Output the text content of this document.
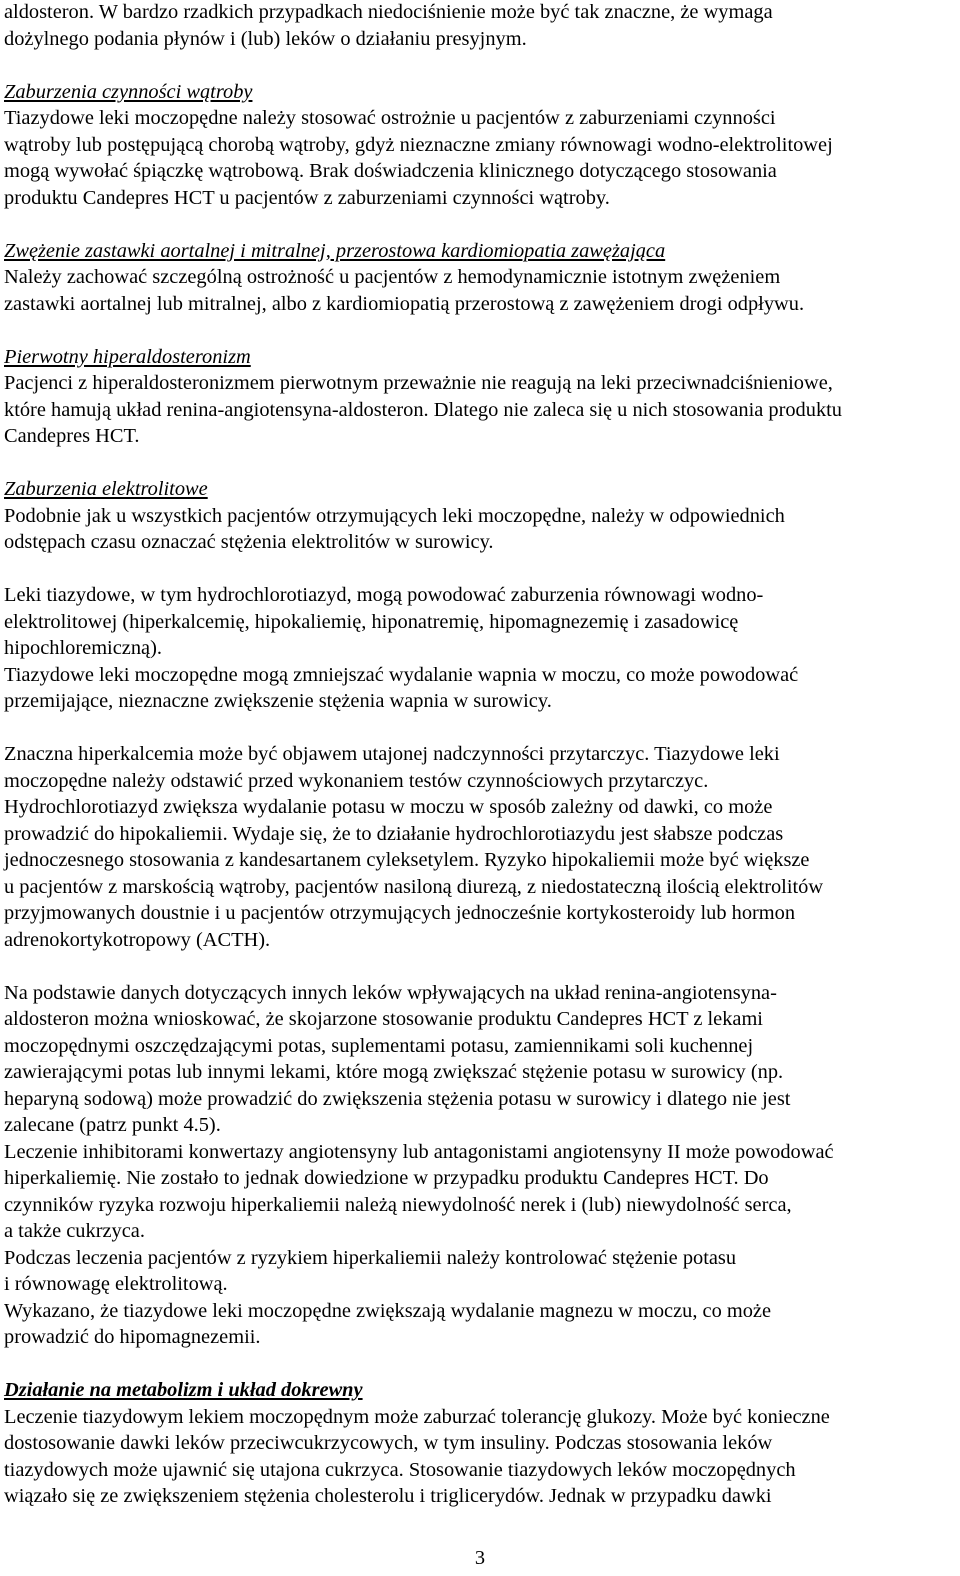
aldosteron. W bardzo rzadkich przypadkach niedociśnienie może być tak znaczne, że wymaga
dożylnego podania płynów i (lub) leków o działaniu presyjnym.
Zaburzenia czynności wątroby
Tiazydowe leki moczopędne należy stosować ostrożnie u pacjentów z zaburzeniami czynności
wątroby lub postępującą chorobą wątroby, gdyż nieznaczne zmiany równowagi wodno-elektrolitowej
mogą wywołać śpiączkę wątrobową. Brak doświadczenia klinicznego dotyczącego stosowania
produktu Candepres HCT u pacjentów z zaburzeniami czynności wątroby.
Zwężenie zastawki aortalnej i mitralnej, przerostowa kardiomiopatia zawężająca
Należy zachować szczególną ostrożność u pacjentów z hemodynamicznie istotnym zwężeniem
zastawki aortalnej lub mitralnej, albo z kardiomiopatią przerostową z zawężeniem drogi odpływu.
Pierwotny hiperaldosteronizm
Pacjenci z hiperaldosteronizmem pierwotnym przeważnie nie reagują na leki przeciwnadciśnieniowe,
które hamują układ renina-angiotensyna-aldosteron. Dlatego nie zaleca się u nich stosowania produktu
Candepres HCT.
Zaburzenia elektrolitowe
Podobnie jak u wszystkich pacjentów otrzymujących leki moczopędne, należy w odpowiednich
odstępach czasu oznaczać stężenia elektrolitów w surowicy.
Leki tiazydowe, w tym hydrochlorotiazyd, mogą powodować zaburzenia równowagi wodno-
elektrolitowej (hiperkalcemię, hipokaliemię, hiponatremię, hipomagnezemię i zasadowicę
hipochloremiczną).
Tiazydowe leki moczopędne mogą zmniejszać wydalanie wapnia w moczu, co może powodować
przemijające, nieznaczne zwiększenie stężenia wapnia w surowicy.
Znaczna hiperkalcemia może być objawem utajonej nadczynności przytarczyc. Tiazydowe leki
moczopędne należy odstawić przed wykonaniem testów czynnościowych przytarczyc.
Hydrochlorotiazyd zwiększa wydalanie potasu w moczu w sposób zależny od dawki, co może
prowadzić do hipokaliemii. Wydaje się, że to działanie hydrochlorotiazydu jest słabsze podczas
jednoczesnego stosowania z kandesartanem cyleksetylem. Ryzyko hipokaliemii może być większe
u pacjentów z marskością wątroby, pacjentów nasiloną diurezą, z niedostateczną ilością elektrolitów
przyjmowanych doustnie i u pacjentów otrzymujących jednocześnie kortykosteroidy lub hormon
adrenokortykotropowy (ACTH).
Na podstawie danych dotyczących innych leków wpływających na układ renina-angiotensyna-
aldosteron można wnioskować, że skojarzone stosowanie produktu Candepres HCT z lekami
moczopędnymi oszczędzającymi potas, suplementami potasu, zamiennikami soli kuchennej
zawierającymi potas lub innymi lekami, które mogą zwiększać stężenie potasu w surowicy (np.
heparyną sodową) może prowadzić do zwiększenia stężenia potasu w surowicy i dlatego nie jest
zalecane (patrz punkt 4.5).
Leczenie inhibitorami konwertazy angiotensyny lub antagonistami angiotensyny II może powodować
hiperkaliemię. Nie zostało to jednak dowiedzione w przypadku produktu Candepres HCT. Do
czynników ryzyka rozwoju hiperkaliemii należą niewydolność nerek i (lub) niewydolność serca,
a także cukrzyca.
Podczas leczenia pacjentów z ryzykiem hiperkaliemii należy kontrolować stężenie potasu
i równowagę elektrolitową.
Wykazano, że tiazydowe leki moczopędne zwiększają wydalanie magnezu w moczu, co może
prowadzić do hipomagnezemii.
Działanie na metabolizm i układ dokrewny
Leczenie tiazydowym lekiem moczopędnym może zaburzać tolerancję glukozy. Może być konieczne
dostosowanie dawki leków przeciwcukrzycowych, w tym insuliny. Podczas stosowania leków
tiazydowych może ujawnić się utajona cukrzyca. Stosowanie tiazydowych leków moczopędnych
wiązało się ze zwiększeniem stężenia cholesterolu i triglicerydów. Jednak w przypadku dawki
3
